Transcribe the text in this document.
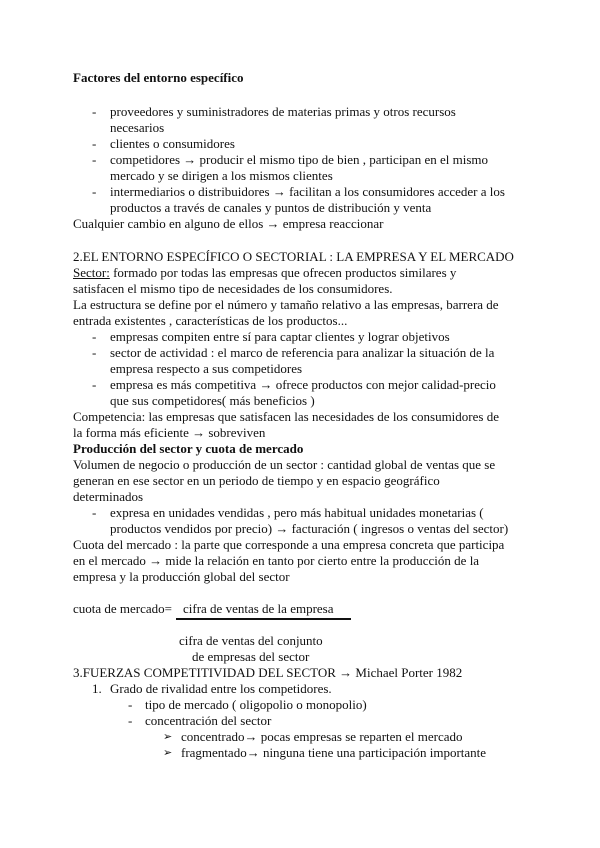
Factores del entorno específico
- proveedores y suministradores de materias primas y otros recursos
necesarios
- clientes o consumidores
- competidores → producir el mismo tipo de bien , participan en el mismo
mercado y se dirigen a los mismos clientes
- intermediarios o distribuidores → facilitan a los consumidores acceder a los
productos a través de canales y puntos de distribución y venta
Cualquier cambio en alguno de ellos → empresa reaccionar
2.EL ENTORNO ESPECÍFICO O SECTORIAL : LA EMPRESA Y EL MERCADO
Sector: formado por todas las empresas que ofrecen productos similares y
satisfacen el mismo tipo de necesidades de los consumidores.
La estructura se define por el número y tamaño relativo a las empresas, barrera de
entrada existentes , características de los productos...
- empresas compiten entre sí para captar clientes y lograr objetivos
- sector de actividad : el marco de referencia para analizar la situación de la
empresa respecto a sus competidores
- empresa es más competitiva → ofrece productos con mejor calidad-precio
que sus competidores( más beneficios )
Competencia: las empresas que satisfacen las necesidades de los consumidores de
la forma más eficiente → sobreviven
Producción del sector y cuota de mercado
Volumen de negocio o producción de un sector : cantidad global de ventas que se
generan en ese sector en un periodo de tiempo y en espacio geográfico
determinados
- expresa en unidades vendidas , pero más habitual unidades monetarias (
productos vendidos por precio) → facturación ( ingresos o ventas del sector)
Cuota del mercado : la parte que corresponde a una empresa concreta que participa
en el mercado → mide la relación en tanto por cierto entre la producción de la
empresa y la producción global del sector
cuota de mercado= cifra de ventas de la empresa
cifra de ventas del conjunto
de empresas del sector
3.FUERZAS COMPETITIVIDAD DEL SECTOR → Michael Porter 1982
1. Grado de rivalidad entre los competidores.
- tipo de mercado ( oligopolio o monopolio)
- concentración del sector
➢ concentrado→ pocas empresas se reparten el mercado
➢ fragmentado→ ninguna tiene una participación importante
